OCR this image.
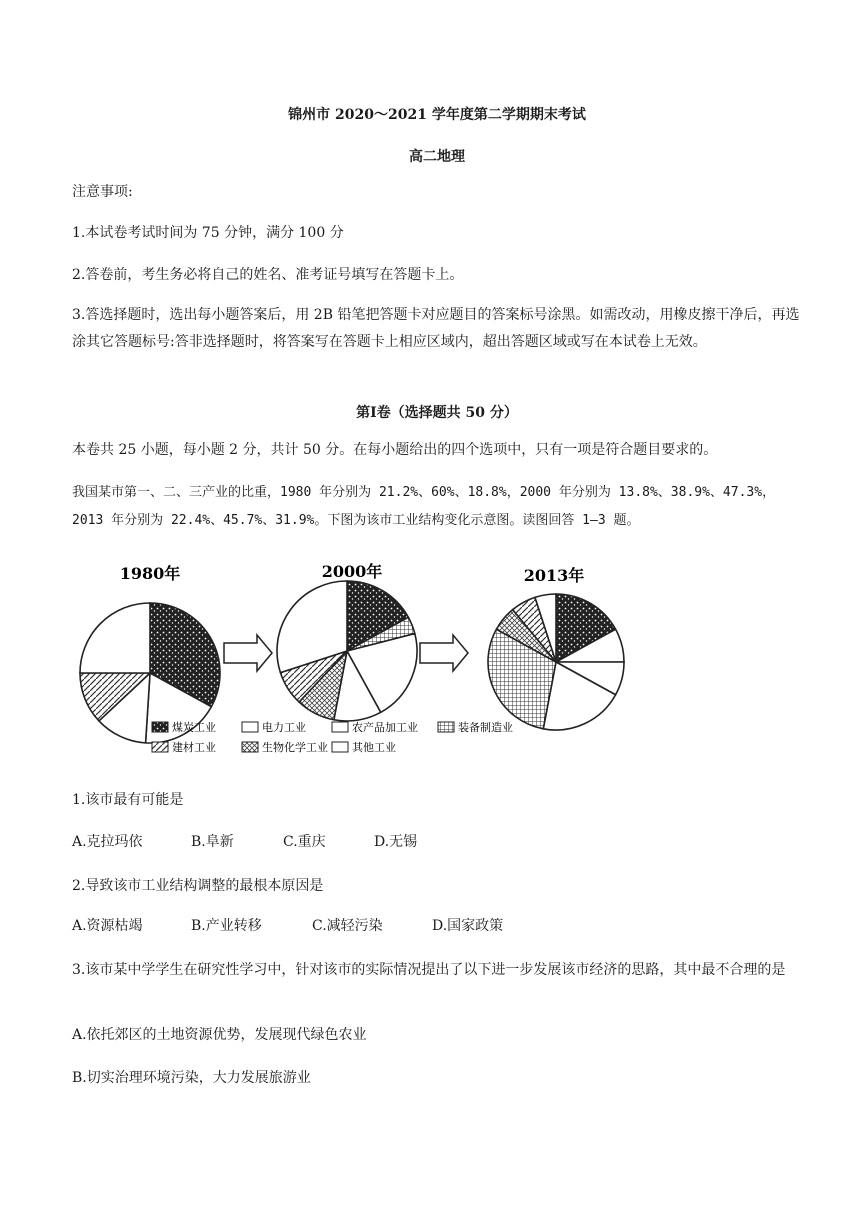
锦州市 2020～2021 学年度第二学期期末考试
高二地理
注意事项:
1.本试卷考试时间为 75 分钟，满分 100 分
2.答卷前，考生务必将自己的姓名、准考证号填写在答题卡上。
3.答选择题时，选出每小题答案后，用 2B 铅笔把答题卡对应题目的答案标号涂黑。如需改动，用橡皮擦干净后，再选涂其它答题标号:答非选择题时，将答案写在答题卡上相应区域内，超出答题区域或写在本试卷上无效。
第Ⅰ卷（选择题共 50 分）
本卷共 25 小题，每小题 2 分，共计 50 分。在每小题给出的四个选项中，只有一项是符合题目要求的。
我国某市第一、二、三产业的比重，1980 年分别为 21.2%、60%、18.8%，2000 年分别为 13.8%、38.9%、47.3%，2013 年分别为 22.4%、45.7%、31.9%。下图为该市工业结构变化示意图。读图回答 1—3 题。
1980年	2000年	2013年
煤炭工业	电力工业	农产品加工业	装备制造业
建材工业	生物化学工业 其他工业
1.该市最有可能是
A.克拉玛依	B.阜新	C.重庆	D.无锡
2.导致该市工业结构调整的最根本原因是
A.资源枯竭	B.产业转移	C.减轻污染	D.国家政策
3.该市某中学学生在研究性学习中，针对该市的实际情况提出了以下进一步发展该市经济的思路，其中最不合理的是
A.依托郊区的土地资源优势，发展现代绿色农业
B.切实治理环境污染，大力发展旅游业
